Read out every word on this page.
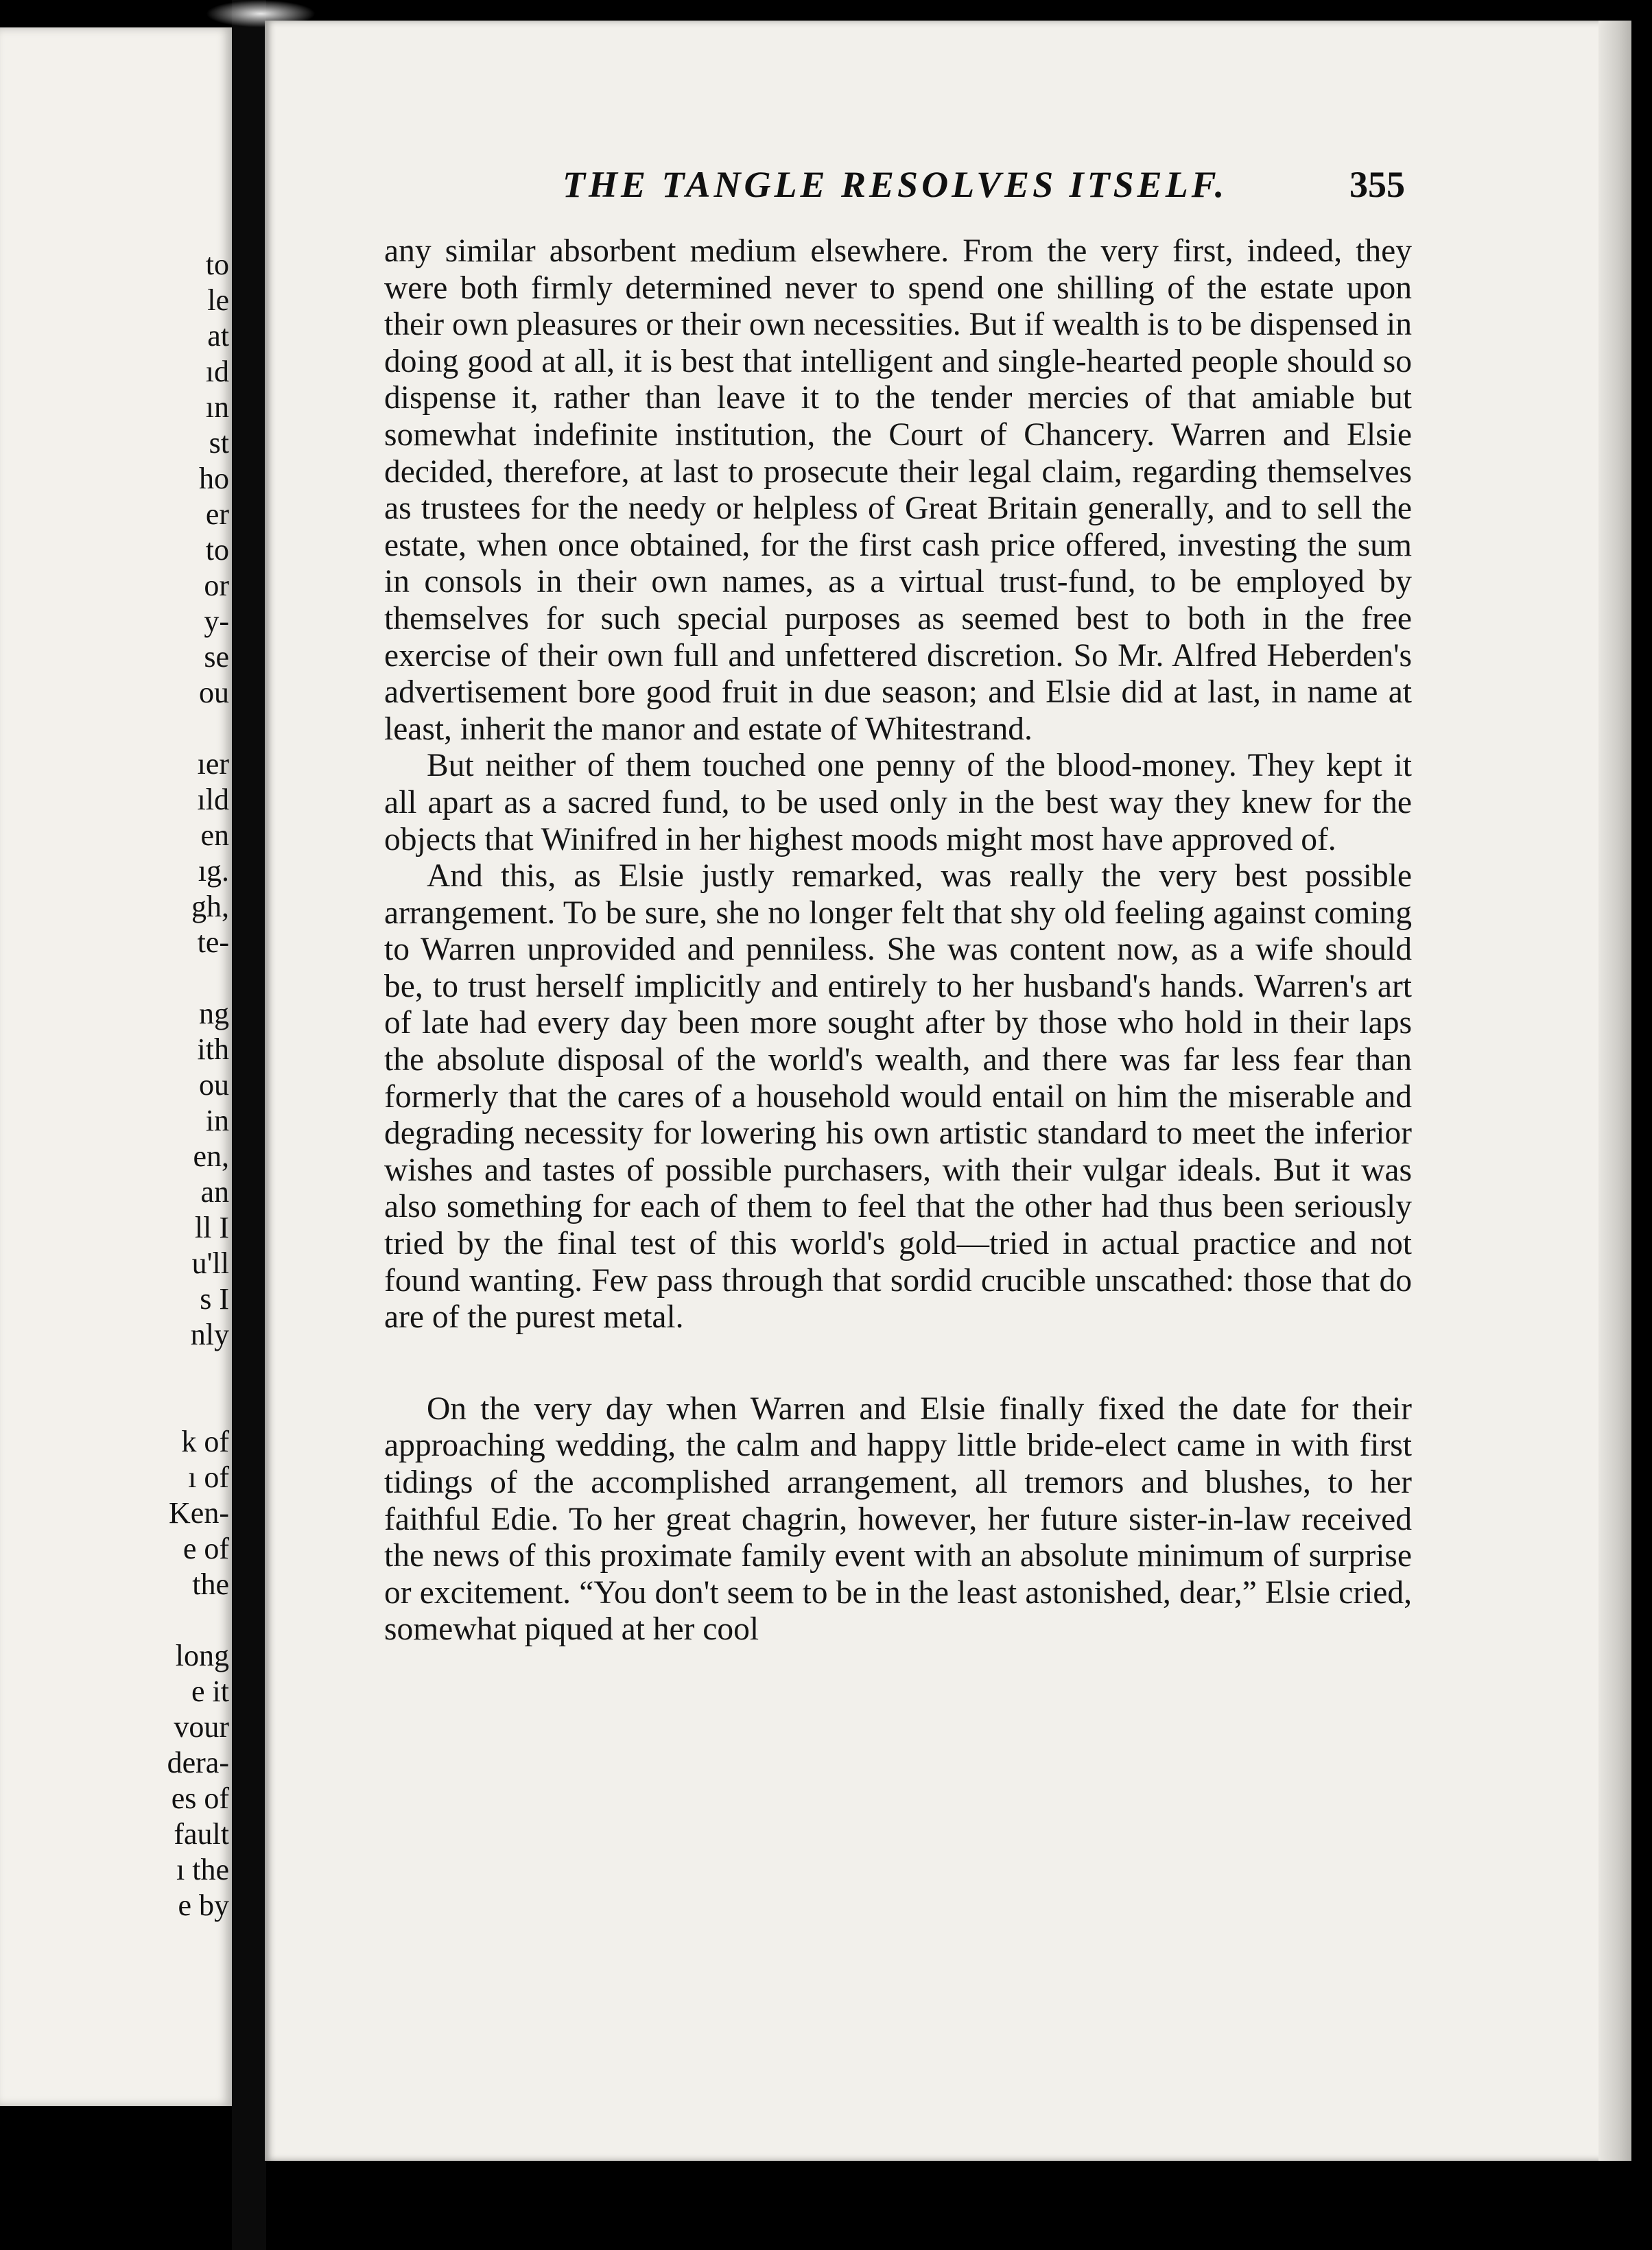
to
le
at
ıd
ın
st
ho
er
to
or
y-
se
ou

ıer
ıld
en
ıg.
gh,
te-

ng
ith
ou
in
en,
an
ll I
u'll
s I
nly

k of
ı of
Ken-
e of
the

long
e it
vour
dera-
es of
fault
ı the
e by
THE TANGLE RESOLVES ITSELF.	355

any similar absorbent medium elsewhere. From the very first, indeed, they were both firmly determined never to spend one shilling of the estate upon their own pleasures or their own necessities. But if wealth is to be dispensed in doing good at all, it is best that intelligent and single-hearted people should so dispense it, rather than leave it to the tender mercies of that amiable but somewhat indefinite institution, the Court of Chancery. Warren and Elsie decided, therefore, at last to prosecute their legal claim, regarding themselves as trustees for the needy or helpless of Great Britain generally, and to sell the estate, when once obtained, for the first cash price offered, investing the sum in consols in their own names, as a virtual trust-fund, to be employed by themselves for such special purposes as seemed best to both in the free exercise of their own full and unfettered discretion. So Mr. Alfred Heberden's advertisement bore good fruit in due season; and Elsie did at last, in name at least, inherit the manor and estate of Whitestrand.

But neither of them touched one penny of the blood-money. They kept it all apart as a sacred fund, to be used only in the best way they knew for the objects that Winifred in her highest moods might most have approved of.

And this, as Elsie justly remarked, was really the very best possible arrangement. To be sure, she no longer felt that shy old feeling against coming to Warren unprovided and penniless. She was content now, as a wife should be, to trust herself implicitly and entirely to her husband's hands. Warren's art of late had every day been more sought after by those who hold in their laps the absolute disposal of the world's wealth, and there was far less fear than formerly that the cares of a household would entail on him the miserable and degrading necessity for lowering his own artistic standard to meet the inferior wishes and tastes of possible purchasers, with their vulgar ideals. But it was also something for each of them to feel that the other had thus been seriously tried by the final test of this world's gold—tried in actual practice and not found wanting. Few pass through that sordid crucible unscathed: those that do are of the purest metal.

On the very day when Warren and Elsie finally fixed the date for their approaching wedding, the calm and happy little bride-elect came in with first tidings of the accomplished arrangement, all tremors and blushes, to her faithful Edie. To her great chagrin, however, her future sister-in-law received the news of this proximate family event with an absolute minimum of surprise or excitement. “You don't seem to be in the least astonished, dear,” Elsie cried, somewhat piqued at her cool
